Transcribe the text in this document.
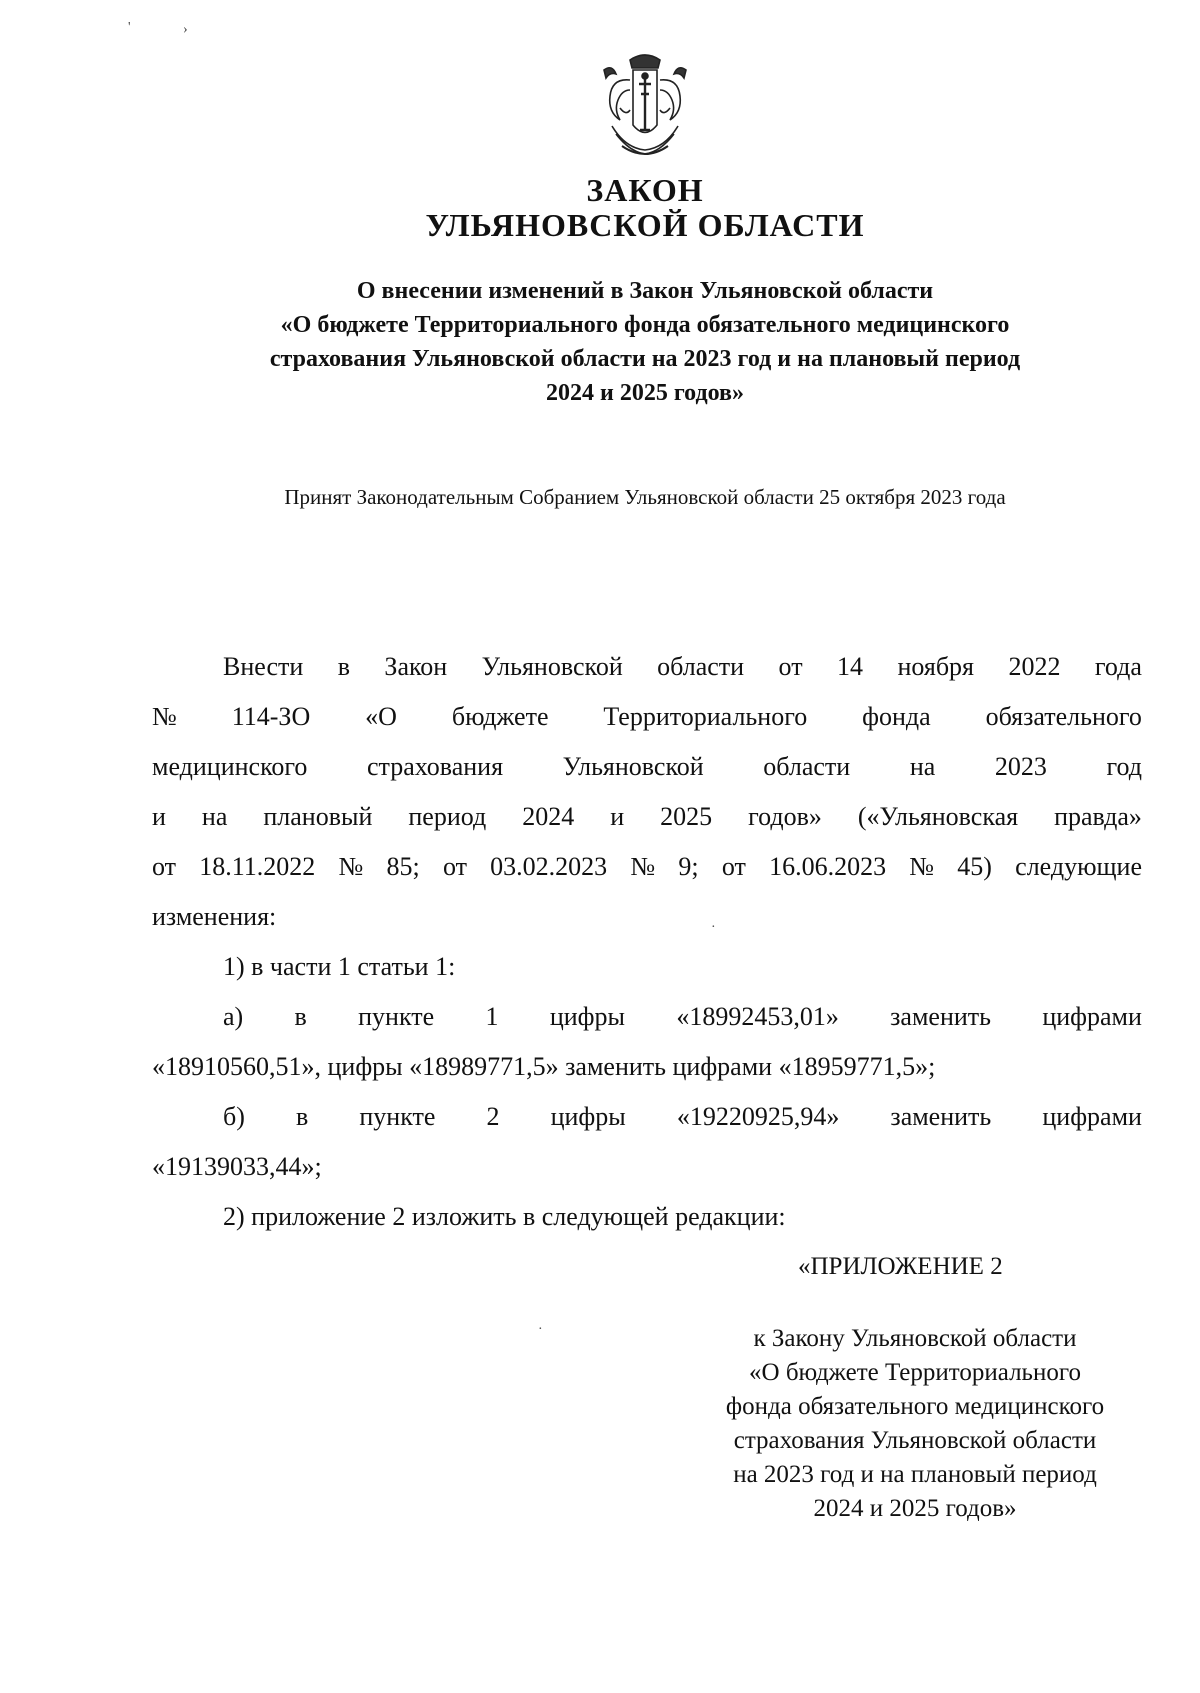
'	›
ЗАКОН
УЛЬЯНОВСКОЙ ОБЛАСТИ
О внесении изменений в Закон Ульяновской области
«О бюджете Территориального фонда обязательного медицинского
страхования Ульяновской области на 2023 год и на плановый период
2024 и 2025 годов»
Принят Законодательным Собранием Ульяновской области 25 октября 2023 года
Внести в Закон Ульяновской области от 14 ноября 2022 года
№ 114-ЗО «О бюджете Территориального фонда обязательного
медицинского страхования Ульяновской области на 2023 год
и на плановый период 2024 и 2025 годов» («Ульяновская правда»
от 18.11.2022 № 85; от 03.02.2023 № 9; от 16.06.2023 № 45) следующие
изменения:
1) в части 1 статьи 1:
а) в пункте 1 цифры «18992453,01» заменить цифрами
«18910560,51», цифры «18989771,5» заменить цифрами «18959771,5»;
б) в пункте 2 цифры «19220925,94» заменить цифрами
«19139033,44»;
2) приложение 2 изложить в следующей редакции:
«ПРИЛОЖЕНИЕ 2
к Закону Ульяновской области
«О бюджете Территориального
фонда обязательного медицинского
страхования Ульяновской области
на 2023 год и на плановый период
2024 и 2025 годов»
·
·
